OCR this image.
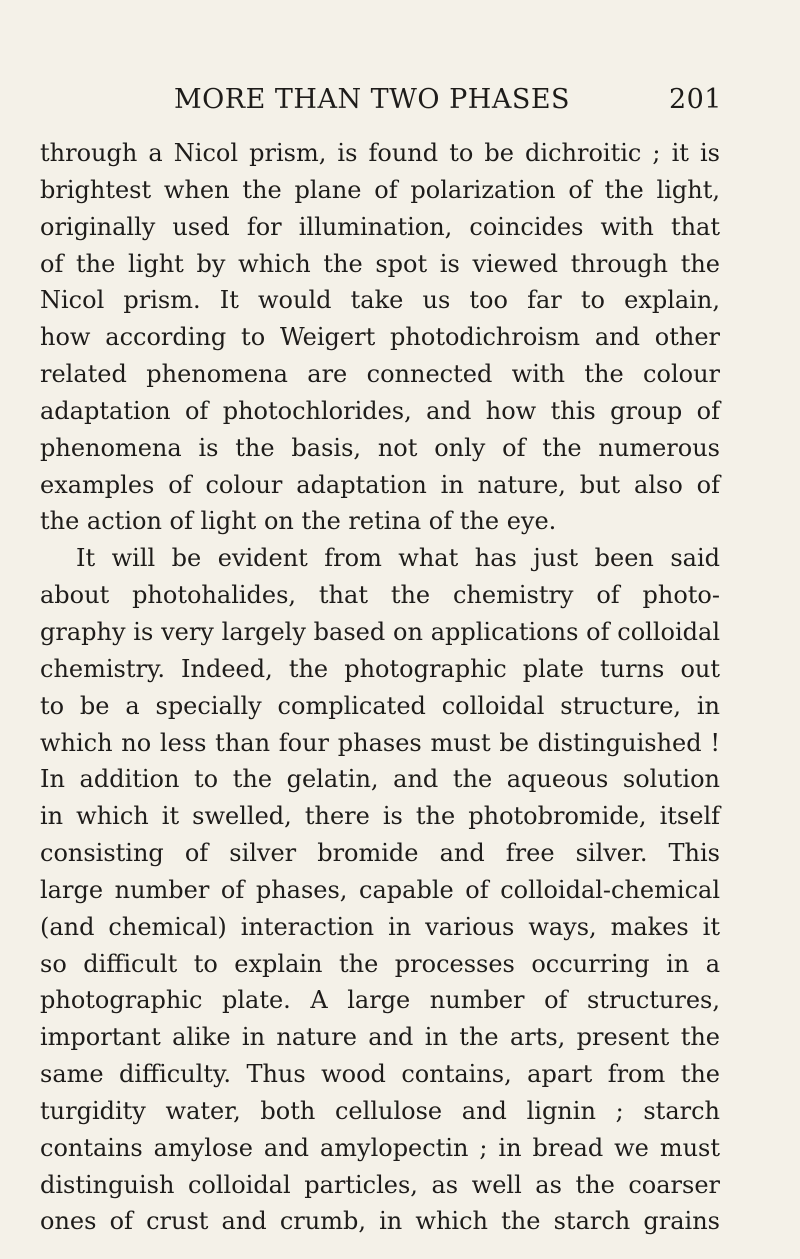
MORE THAN TWO PHASES	201
through a Nicol prism, is found to be dichroitic ; it is
brightest when the plane of polarization of the light,
originally used for illumination, coincides with that
of the light by which the spot is viewed through the
Nicol prism. It would take us too far to explain,
how according to Weigert photodichroism and other
related phenomena are connected with the colour
adaptation of photochlorides, and how this group of
phenomena is the basis, not only of the numerous
examples of colour adaptation in nature, but also of
the action of light on the retina of the eye.
It will be evident from what has just been said
about photohalides, that the chemistry of photo-
graphy is very largely based on applications of colloidal
chemistry. Indeed, the photographic plate turns out
to be a specially complicated colloidal structure, in
which no less than four phases must be distinguished !
In addition to the gelatin, and the aqueous solution
in which it swelled, there is the photobromide, itself
consisting of silver bromide and free silver. This
large number of phases, capable of colloidal-chemical
(and chemical) interaction in various ways, makes it
so difficult to explain the processes occurring in a
photographic plate. A large number of structures,
important alike in nature and in the arts, present the
same difficulty. Thus wood contains, apart from the
turgidity water, both cellulose and lignin ; starch
contains amylose and amylopectin ; in bread we must
distinguish colloidal particles, as well as the coarser
ones of crust and crumb, in which the starch grains
